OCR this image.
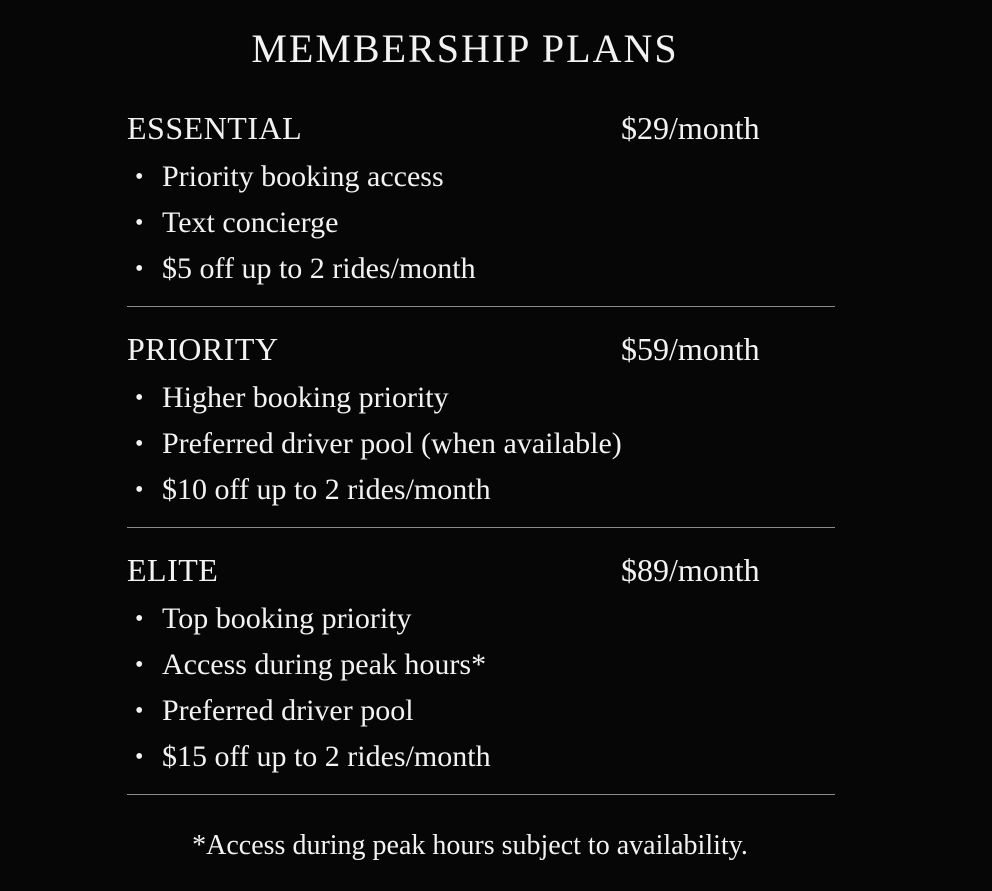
MEMBERSHIP PLANS
ESSENTIAL	$29/month
• Priority booking access
• Text concierge
• $5 off up to 2 rides/month
PRIORITY	$59/month
• Higher booking priority
• Preferred driver pool (when available)
• $10 off up to 2 rides/month
ELITE	$89/month
• Top booking priority
• Access during peak hours*
• Preferred driver pool
• $15 off up to 2 rides/month
*Access during peak hours subject to availability.
